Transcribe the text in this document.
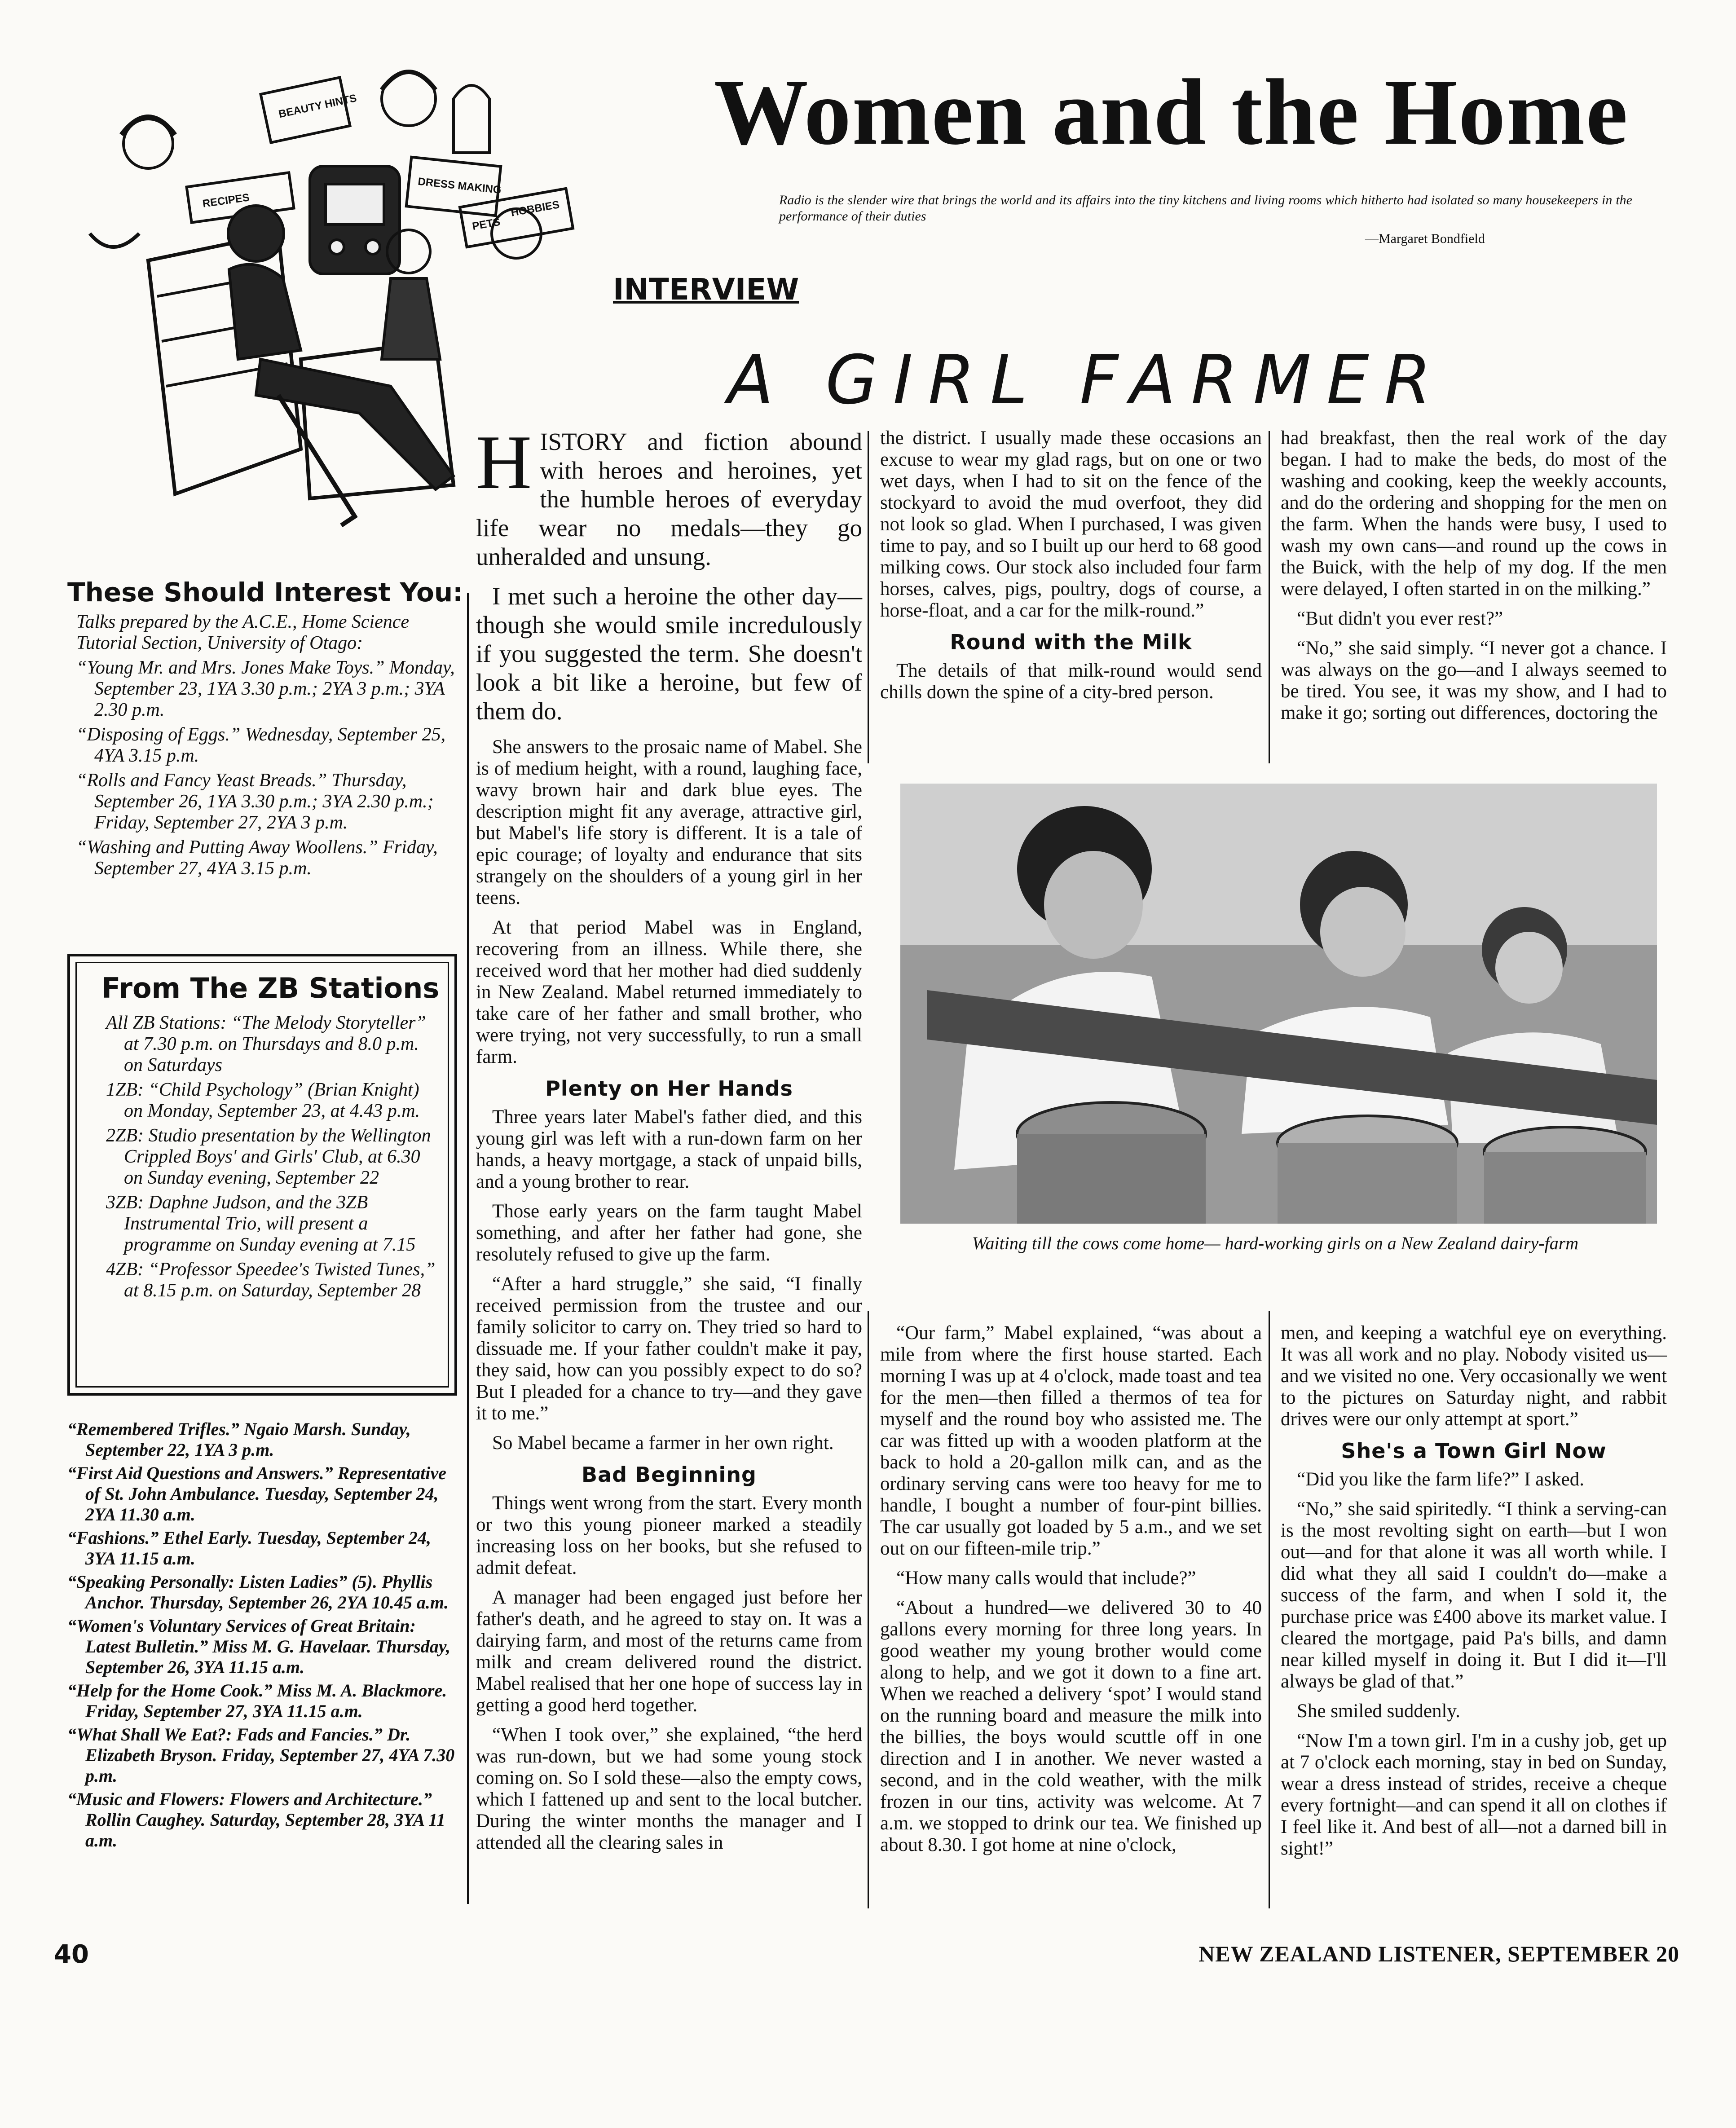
BEAUTY HINTS
RECIPES
DRESS MAKING
PETS
HOBBIES
Women and the Home
Radio is the slender wire that brings the world and its affairs into the tiny kitchens and living rooms which hitherto had isolated so many housekeepers in the performance of their duties
—Margaret Bondfield
INTERVIEW
A GIRL FARMER
These Should Interest You:

Talks prepared by the A.C.E., Home Science Tutorial Section, University of Otago:

“Young Mr. and Mrs. Jones Make Toys.” Monday, September 23, 1YA 3.30 p.m.; 2YA 3 p.m.; 3YA 2.30 p.m.

“Disposing of Eggs.” Wednesday, September 25, 4YA 3.15 p.m.

“Rolls and Fancy Yeast Breads.” Thursday, September 26, 1YA 3.30 p.m.; 3YA 2.30 p.m.; Friday, September 27, 2YA 3 p.m.

“Washing and Putting Away Woollens.” Friday, September 27, 4YA 3.15 p.m.

From The ZB Stations

All ZB Stations: “The Melody Storyteller” at 7.30 p.m. on Thursdays and 8.0 p.m. on Saturdays

1ZB: “Child Psychology” (Brian Knight) on Monday, September 23, at 4.43 p.m.

2ZB: Studio presentation by the Wellington Crippled Boys' and Girls' Club, at 6.30 on Sunday evening, September 22

3ZB: Daphne Judson, and the 3ZB Instrumental Trio, will present a programme on Sunday evening at 7.15

4ZB: “Professor Speedee's Twisted Tunes,” at 8.15 p.m. on Saturday, September 28

“Remembered Trifles.” Ngaio Marsh. Sunday, September 22, 1YA 3 p.m.

“First Aid Questions and Answers.” Representative of St. John Ambulance. Tuesday, September 24, 2YA 11.30 a.m.

“Fashions.” Ethel Early. Tuesday, September 24, 3YA 11.15 a.m.

“Speaking Personally: Listen Ladies” (5). Phyllis Anchor. Thursday, September 26, 2YA 10.45 a.m.

“Women's Voluntary Services of Great Britain: Latest Bulletin.” Miss M. G. Havelaar. Thursday, September 26, 3YA 11.15 a.m.

“Help for the Home Cook.” Miss M. A. Blackmore. Friday, September 27, 3YA 11.15 a.m.

“What Shall We Eat?: Fads and Fancies.” Dr. Elizabeth Bryson. Friday, September 27, 4YA 7.30 p.m.

“Music and Flowers: Flowers and Architecture.” Rollin Caughey. Saturday, September 28, 3YA 11 a.m.

H ISTORY and fiction abound with heroes and heroines, yet the humble heroes of everyday life wear no medals—they go unheralded and unsung.

I met such a heroine the other day—though she would smile incredulously if you suggested the term. She doesn't look a bit like a heroine, but few of them do.

She answers to the prosaic name of Mabel. She is of medium height, with a round, laughing face, wavy brown hair and dark blue eyes. The description might fit any average, attractive girl, but Mabel's life story is different. It is a tale of epic courage; of loyalty and endurance that sits strangely on the shoulders of a young girl in her teens.

At that period Mabel was in England, recovering from an illness. While there, she received word that her mother had died suddenly in New Zealand. Mabel returned immediately to take care of her father and small brother, who were trying, not very successfully, to run a small farm.

Plenty on Her Hands

Three years later Mabel's father died, and this young girl was left with a run-down farm on her hands, a heavy mortgage, a stack of unpaid bills, and a young brother to rear.

Those early years on the farm taught Mabel something, and after her father had gone, she resolutely refused to give up the farm.

“After a hard struggle,” she said, “I finally received permission from the trustee and our family solicitor to carry on. They tried so hard to dissuade me. If your father couldn't make it pay, they said, how can you possibly expect to do so? But I pleaded for a chance to try—and they gave it to me.”

So Mabel became a farmer in her own right.

Bad Beginning

Things went wrong from the start. Every month or two this young pioneer marked a steadily increasing loss on her books, but she refused to admit defeat.

A manager had been engaged just before her father's death, and he agreed to stay on. It was a dairying farm, and most of the returns came from milk and cream delivered round the district. Mabel realised that her one hope of success lay in getting a good herd together.

“When I took over,” she explained, “the herd was run-down, but we had some young stock coming on. So I sold these—also the empty cows, which I fattened up and sent to the local butcher. During the winter months the manager and I attended all the clearing sales in

the district. I usually made these occasions an excuse to wear my glad rags, but on one or two wet days, when I had to sit on the fence of the stockyard to avoid the mud overfoot, they did not look so glad. When I purchased, I was given time to pay, and so I built up our herd to 68 good milking cows. Our stock also included four farm horses, calves, pigs, poultry, dogs of course, a horse-float, and a car for the milk-round.”

Round with the Milk

The details of that milk-round would send chills down the spine of a city-bred person.

had breakfast, then the real work of the day began. I had to make the beds, do most of the washing and cooking, keep the weekly accounts, and do the ordering and shopping for the men on the farm. When the hands were busy, I used to wash my own cans—and round up the cows in the Buick, with the help of my dog. If the men were delayed, I often started in on the milking.”

“But didn't you ever rest?”

“No,” she said simply. “I never got a chance. I was always on the go—and I always seemed to be tired. You see, it was my show, and I had to make it go; sorting out differences, doctoring the

Waiting till the cows come home— hard-working girls on a New Zealand dairy-farm

“Our farm,” Mabel explained, “was about a mile from where the first house started. Each morning I was up at 4 o'clock, made toast and tea for the men—then filled a thermos of tea for myself and the round boy who assisted me. The car was fitted up with a wooden platform at the back to hold a 20-gallon milk can, and as the ordinary serving cans were too heavy for me to handle, I bought a number of four-pint billies. The car usually got loaded by 5 a.m., and we set out on our fifteen-mile trip.”

“How many calls would that include?”

“About a hundred—we delivered 30 to 40 gallons every morning for three long years. In good weather my young brother would come along to help, and we got it down to a fine art. When we reached a delivery ‘spot’ I would stand on the running board and measure the milk into the billies, the boys would scuttle off in one direction and I in another. We never wasted a second, and in the cold weather, with the milk frozen in our tins, activity was welcome. At 7 a.m. we stopped to drink our tea. We finished up about 8.30. I got home at nine o'clock,

men, and keeping a watchful eye on everything. It was all work and no play. Nobody visited us—and we visited no one. Very occasionally we went to the pictures on Saturday night, and rabbit drives were our only attempt at sport.”

She's a Town Girl Now

“Did you like the farm life?” I asked.

“No,” she said spiritedly. “I think a serving-can is the most revolting sight on earth—but I won out—and for that alone it was all worth while. I did what they all said I couldn't do—make a success of the farm, and when I sold it, the purchase price was £400 above its market value. I cleared the mortgage, paid Pa's bills, and damn near killed myself in doing it. But I did it—I'll always be glad of that.”

She smiled suddenly.

“Now I'm a town girl. I'm in a cushy job, get up at 7 o'clock each morning, stay in bed on Sunday, wear a dress instead of strides, receive a cheque every fortnight—and can spend it all on clothes if I feel like it. And best of all—not a darned bill in sight!”

40	NEW ZEALAND LISTENER, SEPTEMBER 20
